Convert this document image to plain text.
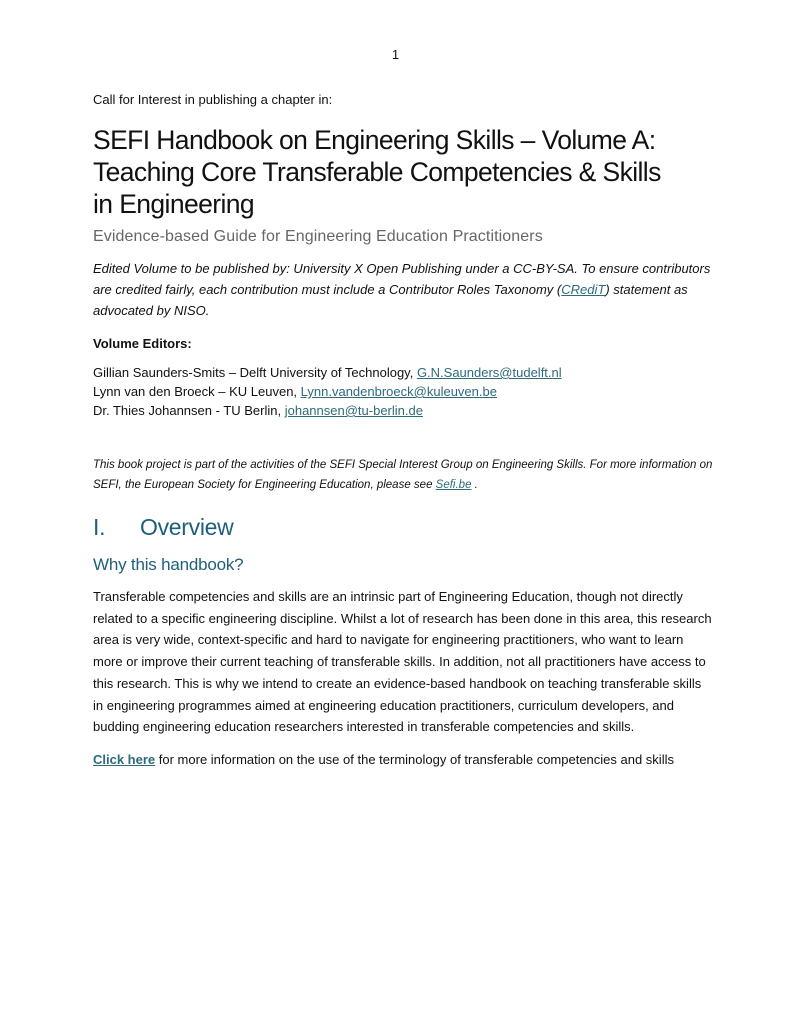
1

Call for Interest in publishing a chapter in:

SEFI Handbook on Engineering Skills – Volume A:
Teaching Core Transferable Competencies & Skills
in Engineering

Evidence-based Guide for Engineering Education Practitioners

Edited Volume to be published by: University X Open Publishing under a CC-BY-SA. To ensure contributors are credited fairly, each contribution must include a Contributor Roles Taxonomy (CRediT) statement as advocated by NISO.

Volume Editors:

Gillian Saunders-Smits – Delft University of Technology, G.N.Saunders@tudelft.nl
Lynn van den Broeck – KU Leuven, Lynn.vandenbroeck@kuleuven.be
Dr. Thies Johannsen - TU Berlin, johannsen@tu-berlin.de

This book project is part of the activities of the SEFI Special Interest Group on Engineering Skills. For more information on SEFI, the European Society for Engineering Education, please see Sefi.be .

I.	Overview
Why this handbook?

Transferable competencies and skills are an intrinsic part of Engineering Education, though not directly related to a specific engineering discipline. Whilst a lot of research has been done in this area, this research area is very wide, context-specific and hard to navigate for engineering practitioners, who want to learn more or improve their current teaching of transferable skills. In addition, not all practitioners have access to this research. This is why we intend to create an evidence-based handbook on teaching transferable skills in engineering programmes aimed at engineering education practitioners, curriculum developers, and budding engineering education researchers interested in transferable competencies and skills.

Click here for more information on the use of the terminology of transferable competencies and skills
